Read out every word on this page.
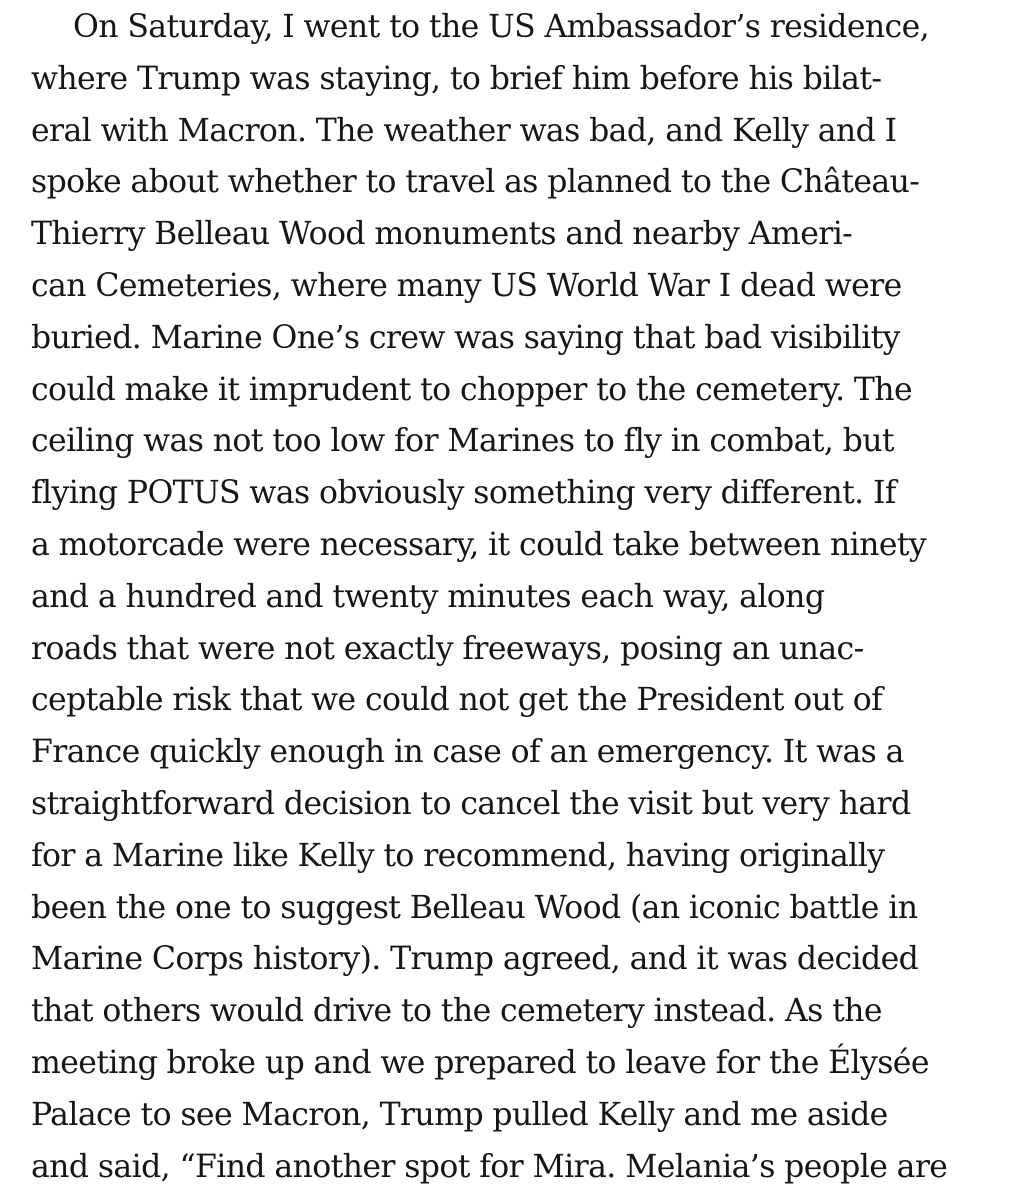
On Saturday, I went to the US Ambassador’s residence,
where Trump was staying, to brief him before his bilat-
eral with Macron. The weather was bad, and Kelly and I
spoke about whether to travel as planned to the Château-
Thierry Belleau Wood monuments and nearby Ameri-
can Cemeteries, where many US World War I dead were
buried. Marine One’s crew was saying that bad visibility
could make it imprudent to chopper to the cemetery. The
ceiling was not too low for Marines to fly in combat, but
flying POTUS was obviously something very different. If
a motorcade were necessary, it could take between ninety
and a hundred and twenty minutes each way, along
roads that were not exactly freeways, posing an unac-
ceptable risk that we could not get the President out of
France quickly enough in case of an emergency. It was a
straightforward decision to cancel the visit but very hard
for a Marine like Kelly to recommend, having originally
been the one to suggest Belleau Wood (an iconic battle in
Marine Corps history). Trump agreed, and it was decided
that others would drive to the cemetery instead. As the
meeting broke up and we prepared to leave for the Élysée
Palace to see Macron, Trump pulled Kelly and me aside
and said, “Find another spot for Mira. Melania’s people are
